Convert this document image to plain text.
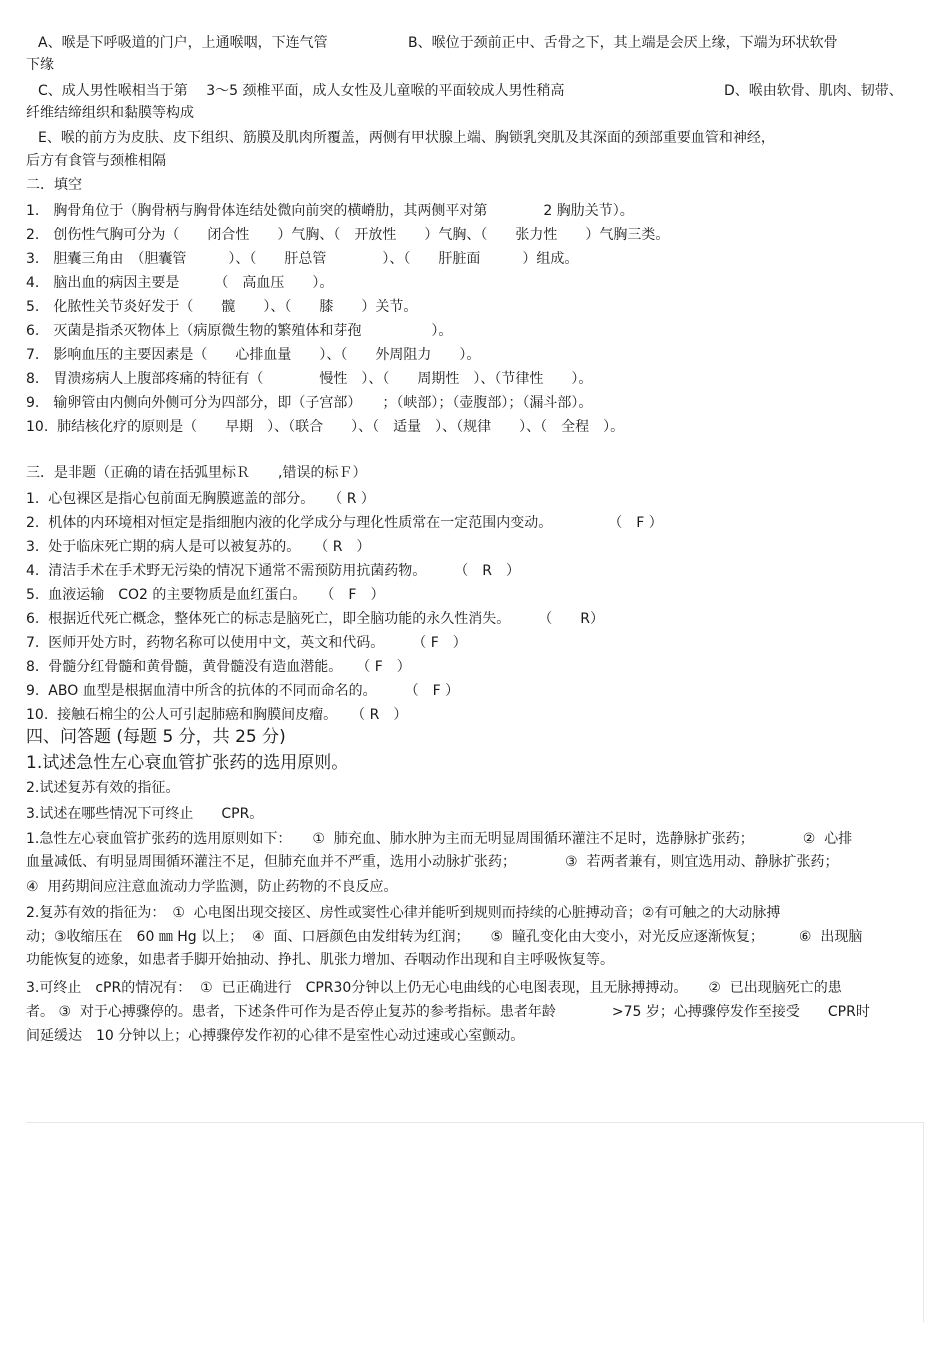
A、喉是下呼吸道的门户，上通喉咽，下连气管	B、喉位于颈前正中、舌骨之下，其上端是会厌上缘，下端为环状软骨
下缘
C、成人男性喉相当于第　 3～5 颈椎平面，成人女性及儿童喉的平面较成人男性稍高	D、喉由软骨、肌肉、韧带、
纤维结缔组织和黏膜等构成
E、喉的前方为皮肤、皮下组织、筋膜及肌肉所覆盖，两侧有甲状腺上端、胸锁乳突肌及其深面的颈部重要血管和神经，
后方有食管与颈椎相隔
二．填空
1.　胸骨角位于（胸骨柄与胸骨体连结处微向前突的横嵴肋，其两侧平对第　　　　2 胸肋关节）。
2.　创伤性气胸可分为（　　闭合性　　）气胸、（　开放性　　）气胸、（　　张力性　　）气胸三类。
3.　胆囊三角由　（胆囊管　　　）、（　　肝总管　　　　）、（　　肝脏面　　　）组成。
4.　脑出血的病因主要是　　　（　高血压　　）。
5.　化脓性关节炎好发于（　　髋　　）、（　　膝　　）关节。
6.　灭菌是指杀灭物体上（病原微生物的繁殖体和芽孢　　　　　）。
7.　影响血压的主要因素是（　　心排血量　　）、（　　外周阻力　　）。
8.　胃溃疡病人上腹部疼痛的特征有（　　　　慢性　）、（　　周期性　）、（节律性　　）。
9.　输卵管由内侧向外侧可分为四部分，即（子宫部）　　；（峡部）；（壶腹部）；（漏斗部）。
10.  肺结核化疗的原则是（　　早期　）、（联合　　）、（　适量　）、（规律　　）、（　全程　）。
三．是非题（正确的请在括弧里标Ｒ　　,错误的标Ｆ）
1.  心包裸区是指心包前面无胸膜遮盖的部分。　　（ R ）
2.  机体的内环境相对恒定是指细胞内液的化学成分与理化性质常在一定范围内变动。　　　　　（　F ）
3.  处于临床死亡期的病人是可以被复苏的。　　（ R　）
4.  清洁手术在手术野无污染的情况下通常不需预防用抗菌药物。　　　（　R　）
5.  血液运输　CO2 的主要物质是血红蛋白。　　（　F　）
6.  根据近代死亡概念，整体死亡的标志是脑死亡，即全脑功能的永久性消失。　　　（　　R）
7.  医师开处方时，药物名称可以使用中文，英文和代码。　　　（ F　）
8.  骨髓分红骨髓和黄骨髓，黄骨髓没有造血潜能。　　（ F　）
9.  ABO 血型是根据血清中所含的抗体的不同而命名的。　　　（　F ）
10.  接触石棉尘的公人可引起肺癌和胸膜间皮瘤。　　（ R　）
四、问答题 (每题 5 分，共 25 分)
1.试述急性左心衰血管扩张药的选用原则。
2.试述复苏有效的指征。
3.试述在哪些情况下可终止　　CPR。
1.急性左心衰血管扩张药的选用原则如下：　　①  肺充血、肺水肿为主而无明显周围循环灌注不足时，选静脉扩张药；　　　　②  心排
血量减低、有明显周围循环灌注不足，但肺充血并不严重，选用小动脉扩张药；　　　　③  若两者兼有，则宜选用动、静脉扩张药；
④  用药期间应注意血流动力学监测，防止药物的不良反应。
2.复苏有效的指征为：　①  心电图出现交接区、房性或窦性心律并能听到规则而持续的心脏搏动音；②有可触之的大动脉搏
动；③收缩压在　60 ㎜ Hg 以上；  ④  面、口唇颜色由发绀转为红润；　　⑤  瞳孔变化由大变小，对光反应逐渐恢复；　　　⑥  出现脑
功能恢复的迹象，如患者手脚开始抽动、挣扎、肌张力增加、吞咽动作出现和自主呼吸恢复等。
3.可终止　cPR的情况有：  ①  已正确进行　CPR30分钟以上仍无心电曲线的心电图表现，且无脉搏搏动。　　②  已出现脑死亡的患
者。 ③  对于心搏骤停的。患者，下述条件可作为是否停止复苏的参考指标。患者年龄　　　　>75 岁；心搏骤停发作至接受　　CPR时
间延缓达　10 分钟以上；心搏骤停发作初的心律不是室性心动过速或心室颤动。
